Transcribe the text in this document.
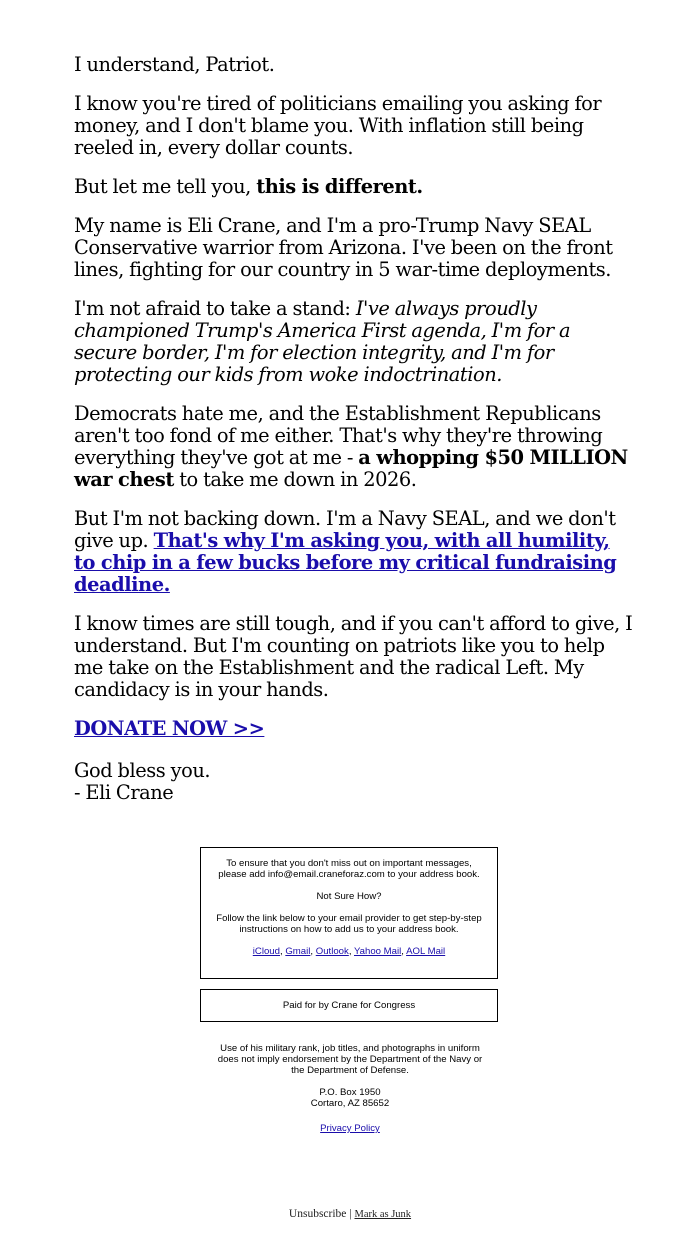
I understand, Patriot.

I know you're tired of politicians emailing you asking for money, and I don't blame you. With inflation still being reeled in, every dollar counts.

But let me tell you, this is different.

My name is Eli Crane, and I'm a pro-Trump Navy SEAL Conservative warrior from Arizona. I've been on the front lines, fighting for our country in 5 war-time deployments.

I'm not afraid to take a stand: I've always proudly championed Trump's America First agenda, I'm for a secure border, I'm for election integrity, and I'm for protecting our kids from woke indoctrination.

Democrats hate me, and the Establishment Republicans aren't too fond of me either. That's why they're throwing everything they've got at me - a whopping $50 MILLION war chest to take me down in 2026.

But I'm not backing down. I'm a Navy SEAL, and we don't give up. That's why I'm asking you, with all humility, to chip in a few bucks before my critical fundraising deadline.

I know times are still tough, and if you can't afford to give, I understand. But I'm counting on patriots like you to help me take on the Establishment and the radical Left. My candidacy is in your hands.

DONATE NOW >>

God bless you.
- Eli Crane

To ensure that you don't miss out on important messages, please add info@email.craneforaz.com to your address book.

Not Sure How?

Follow the link below to your email provider to get step-by-step instructions on how to add us to your address book.

iCloud, Gmail, Outlook, Yahoo Mail, AOL Mail

Paid for by Crane for Congress

Use of his military rank, job titles, and photographs in uniform does not imply endorsement by the Department of the Navy or the Department of Defense.

P.O. Box 1950

Cortaro, AZ 85652

Privacy Policy

Unsubscribe | Mark as Junk
